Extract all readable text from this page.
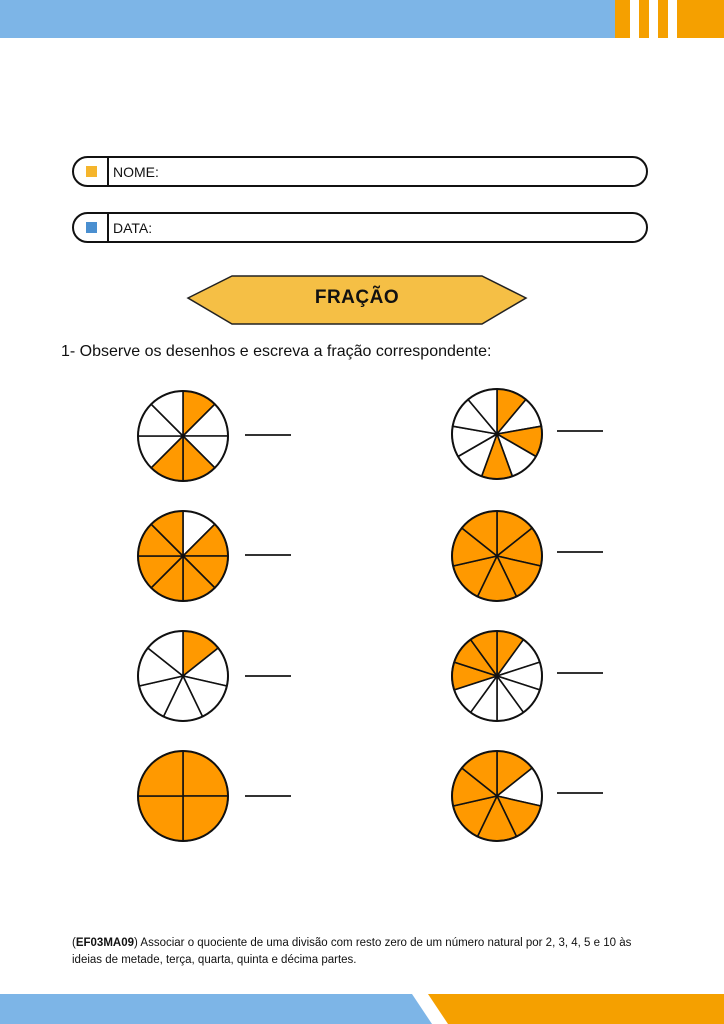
NOME:
DATA:
FRAÇÃO
1- Observe os desenhos e escreva a fração correspondente:
(EF03MA09) Associar o quociente de uma divisão com resto zero de um número natural por 2, 3, 4, 5 e 10 às ideias de metade, terça, quarta, quinta e décima partes.
